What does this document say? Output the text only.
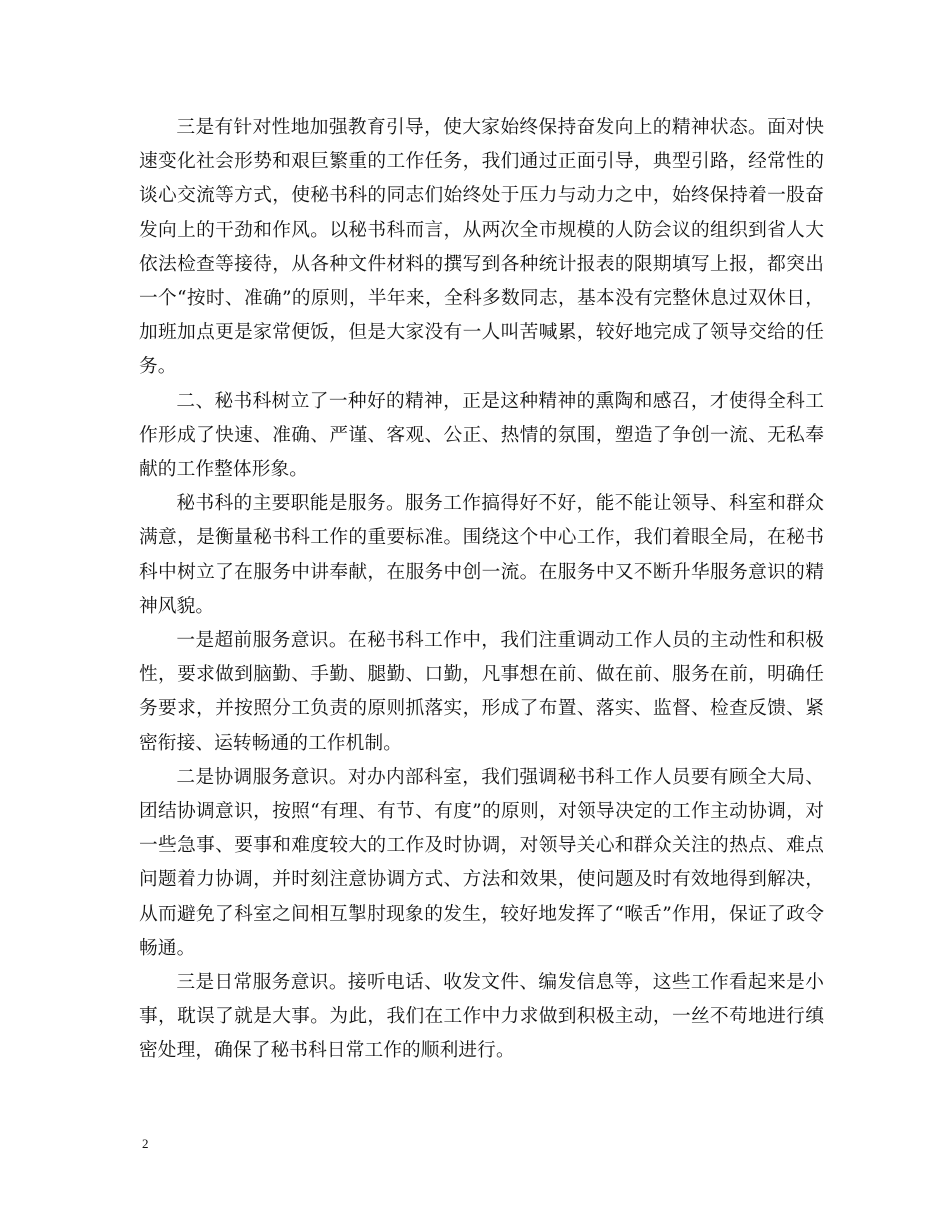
三是有针对性地加强教育引导，使大家始终保持奋发向上的精神状态。面对快速变化社会形势和艰巨繁重的工作任务，我们通过正面引导，典型引路，经常性的谈心交流等方式，使秘书科的同志们始终处于压力与动力之中，始终保持着一股奋发向上的干劲和作风。以秘书科而言，从两次全市规模的人防会议的组织到省人大依法检查等接待，从各种文件材料的撰写到各种统计报表的限期填写上报，都突出一个“按时、准确”的原则，半年来，全科多数同志，基本没有完整休息过双休日，加班加点更是家常便饭，但是大家没有一人叫苦喊累，较好地完成了领导交给的任务。

二、秘书科树立了一种好的精神，正是这种精神的熏陶和感召，才使得全科工作形成了快速、准确、严谨、客观、公正、热情的氛围，塑造了争创一流、无私奉献的工作整体形象。

秘书科的主要职能是服务。服务工作搞得好不好，能不能让领导、科室和群众满意，是衡量秘书科工作的重要标准。围绕这个中心工作，我们着眼全局，在秘书科中树立了在服务中讲奉献，在服务中创一流。在服务中又不断升华服务意识的精神风貌。

一是超前服务意识。在秘书科工作中，我们注重调动工作人员的主动性和积极性，要求做到脑勤、手勤、腿勤、口勤，凡事想在前、做在前、服务在前，明确任务要求，并按照分工负责的原则抓落实，形成了布置、落实、监督、检查反馈、紧密衔接、运转畅通的工作机制。

二是协调服务意识。对办内部科室，我们强调秘书科工作人员要有顾全大局、团结协调意识，按照“有理、有节、有度”的原则，对领导决定的工作主动协调，对一些急事、要事和难度较大的工作及时协调，对领导关心和群众关注的热点、难点问题着力协调，并时刻注意协调方式、方法和效果，使问题及时有效地得到解决，从而避免了科室之间相互掣肘现象的发生，较好地发挥了“喉舌”作用，保证了政令畅通。

三是日常服务意识。接听电话、收发文件、编发信息等，这些工作看起来是小事，耽误了就是大事。为此，我们在工作中力求做到积极主动，一丝不苟地进行缜密处理，确保了秘书科日常工作的顺利进行。

2
